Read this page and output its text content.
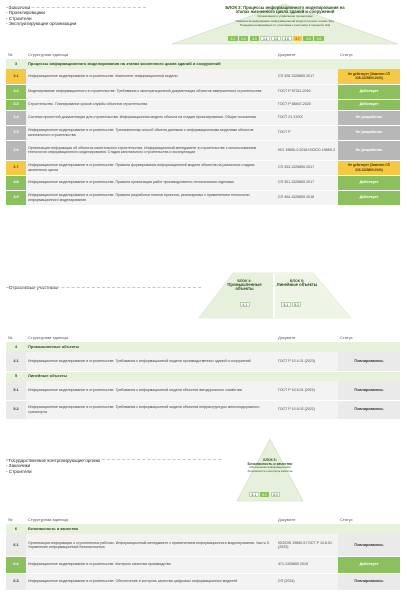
- Заказчики
- Проектировщики
- Строители
- Эксплуатирующие организации
БЛОК 3: Процессы информационного моделирования на этапах жизненного цикла зданий и сооружений
Организация и управление процессами
Правила формирования информационной модели на всех этапах ЖЦ,
Передача информации от участника к участнику в процессе ЖЦ
3.1	3.2	3.3	3.4	3.5	3.6	3.7	3.8	3.9
№	Структурная единица	Документ	Статус
3	Процессы информационного моделирования на этапах жизненного цикла зданий и сооружений		
3.1	Информационное моделирование в строительстве. Компонент информационной модели	СП 328.1325800.2017	Не действует (Заменен СП 328.1325800.2020)
3.2	Моделирование информационного в строительстве. Требования к эксплуатационной документации объектов завершенного строительства	ГОСТ Р 57311-2016	Действует
3.3	Строительство. Планирование сроков службы объектов строительства	ГОСТ Р 58407-2020	Действует
3.4	Система проектной документации для строительства. Информационная модель объекта на стадии проектирования. Общие положения	ГОСТ 21.XXXX	Не разработан
3.5	Информационное моделирование в строительстве. Трехэкземпляр способ обмена данными с информационными моделями объектов капитального строительства	ГОСТ Р	Не разработан
3.6	Организация информации об объектах капитального строительства. Информационный менеджмент в строительстве с использованием технологии информационного моделирования. Стадия капитального строительства и эксплуатации	ISO 19650-2:2018 ISO/CD 19650-3	Не разработан
3.7	Информационное моделирование в строительстве. Правила формирования информационной модели объектов на различных стадиях жизненного цикла	СП 333.1325800.2017	Не действует (Заменен СП 333.1325800.2020)
3.8	Информационное моделирование в строительстве. Правила организации работ производственно-техническими отделами	СП 301.1325800.2017	Действует
3.9	Информационное моделирование в строительстве. Правила разработки планов проектов, реализуемых с применением технологии информационного моделирования	СП 404.1325800.2018	Действует
- Отраслевые участники
БЛОК 4:
Промышленные объекты
БЛОК 5:
Линейные объекты
4.1	5.1	5.2
№	Структурная единица	Документ	Статус
4	Промышленные объекты		
4.1	Информационное моделирование в строительстве. Требования к информационной модели производственных зданий и сооружений	ГОСТ Р 10.4.01 (2023)	Планировалось
5	Линейные объекты		
5.1	Информационное моделирование в строительстве. Требования к информационной модели объектов автодорожного хозяйства	ГОСТ Р 10.5.01 (2022)	Планировалось
5.2	Информационное моделирование в строительстве. Требования к информационной модели объектов инфраструктуры железнодорожного транспорта	ГОСТ Р 10.5.02 (2022)	Планировалось
- Государственные контролирующие органы
- Заказчики
- Строители
БЛОК 6:
Безопасность и качество
Обеспечение информационной безопасности и контроль качества
6.1	6.2	6.3
№	Структурная единица	Документ	Статус
6	Безопасность и качество		
6.1	Организация информации о строительных работах. Информационный менеджмент с применением информационного моделирования. Часть 5. Управление информационной безопасностью	ISO/DIS 19650-5 ГОСТ Р 10.6.01 (2023)	Планировалось
6.2	Информационное моделирование в строительстве. Контроль качества производства	471.1325800.2019	Действует
6.3	Информационное моделирование в строительстве. Обеспечение и контроль качества цифровых информационных моделей	СП (2024)	Планировалось
